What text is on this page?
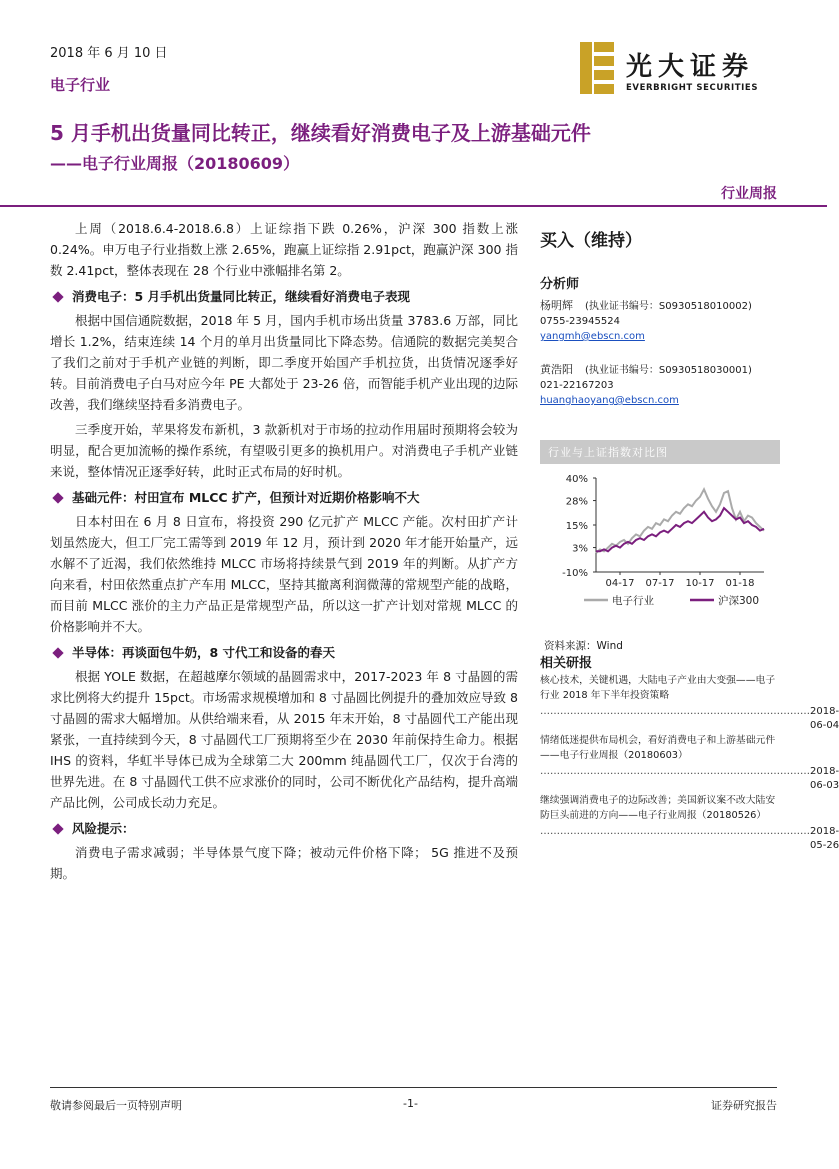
2018 年 6 月 10 日
电子行业
光大证券
EVERBRIGHT SECURITIES
5 月手机出货量同比转正，继续看好消费电子及上游基础元件
——电子行业周报（20180609）
行业周报

上周（2018.6.4-2018.6.8）上证综指下跌 0.26%，沪深 300 指数上涨 0.24%。申万电子行业指数上涨 2.65%，跑赢上证综指 2.91pct，跑赢沪深 300 指数 2.41pct，整体表现在 28 个行业中涨幅排名第 2。

消费电子：5 月手机出货量同比转正，继续看好消费电子表现

根据中国信通院数据，2018 年 5 月，国内手机市场出货量 3783.6 万部，同比增长 1.2%，结束连续 14 个月的单月出货量同比下降态势。信通院的数据完美契合了我们之前对于手机产业链的判断，即二季度开始国产手机拉货，出货情况逐季好转。目前消费电子白马对应今年 PE 大都处于 23-26 倍，而智能手机产业出现的边际改善，我们继续坚持看多消费电子。

三季度开始，苹果将发布新机，3 款新机对于市场的拉动作用届时预期将会较为明显，配合更加流畅的操作系统，有望吸引更多的换机用户。对消费电子手机产业链来说，整体情况正逐季好转，此时正式布局的好时机。

基础元件：村田宣布 MLCC 扩产，但预计对近期价格影响不大

日本村田在 6 月 8 日宣布，将投资 290 亿元扩产 MLCC 产能。次村田扩产计划虽然庞大，但工厂完工需等到 2019 年 12 月，预计到 2020 年才能开始量产，远水解不了近渴，我们依然维持 MLCC 市场将持续景气到 2019 年的判断。从扩产方向来看，村田依然重点扩产车用 MLCC，坚持其撤离利润微薄的常规型产能的战略，而目前 MLCC 涨价的主力产品正是常规型产品，所以这一扩产计划对常规 MLCC 的价格影响并不大。

半导体：再谈面包牛奶，8 寸代工和设备的春天

根据 YOLE 数据，在超越摩尔领域的晶圆需求中，2017-2023 年 8 寸晶圆的需求比例将大约提升 15pct。市场需求规模增加和 8 寸晶圆比例提升的叠加效应导致 8 寸晶圆的需求大幅增加。从供给端来看，从 2015 年末开始，8 寸晶圆代工产能出现紧张，一直持续到今天，8 寸晶圆代工厂预期将至少在 2030 年前保持生命力。根据 IHS 的资料，华虹半导体已成为全球第二大 200mm 纯晶圆代工厂，仅次于台湾的世界先进。在 8 寸晶圆代工供不应求涨价的同时，公司不断优化产品结构，提升高端产品比例，公司成长动力充足。

风险提示：

消费电子需求减弱；半导体景气度下降；被动元件价格下降； 5G 推进不及预期。

买入（维持）
分析师
杨明辉 (执业证书编号：S0930518010002)
0755-23945524
yangmh@ebscn.com
黄浩阳 (执业证书编号：S0930518030001)
021-22167203
huanghaoyang@ebscn.com
行业与上证指数对比图
40%
28%
15%
3%
-10%
04-17 07-17 10-17 01-18
电子行业	沪深300
资料来源：Wind
相关研报
核心技术，关键机遇，大陆电子产业由大变强——电子行业 2018 年下半年投资策略
……………………………………………………………………… 2018-06-04
情绪低迷提供布局机会，看好消费电子和上游基础元件——电子行业周报（20180603）
……………………………………………………………………… 2018-06-03
继续强调消费电子的边际改善；美国新议案不改大陆安防巨头前进的方向——电子行业周报（20180526）
……………………………………………………………………… 2018-05-26
敬请参阅最后一页特别声明	-1-	证券研究报告
